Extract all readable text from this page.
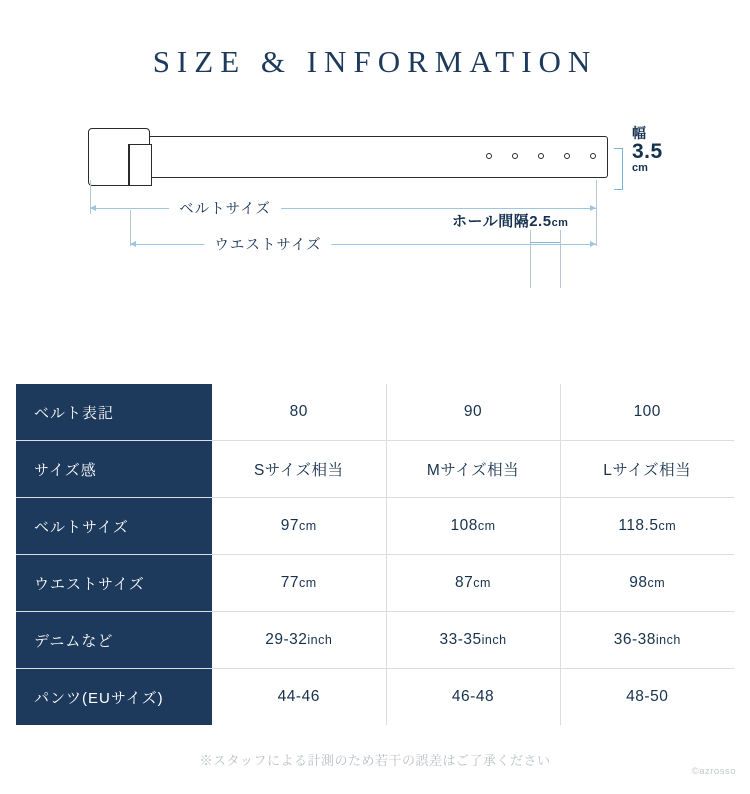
SIZE & INFORMATION
ホール間隔2.5cm
幅
3.5
cm
ベルトサイズ
ウエストサイズ
ベルト表記	80	90	100
サイズ感	Sサイズ相当	Mサイズ相当	Lサイズ相当
ベルトサイズ	97cm	108cm	118.5cm
ウエストサイズ	77cm	87cm	98cm
デニムなど	29-32inch	33-35inch	36-38inch
パンツ(EUサイズ)	44-46	46-48	48-50
※スタッフによる計測のため若干の誤差はご了承ください
©azrosso
